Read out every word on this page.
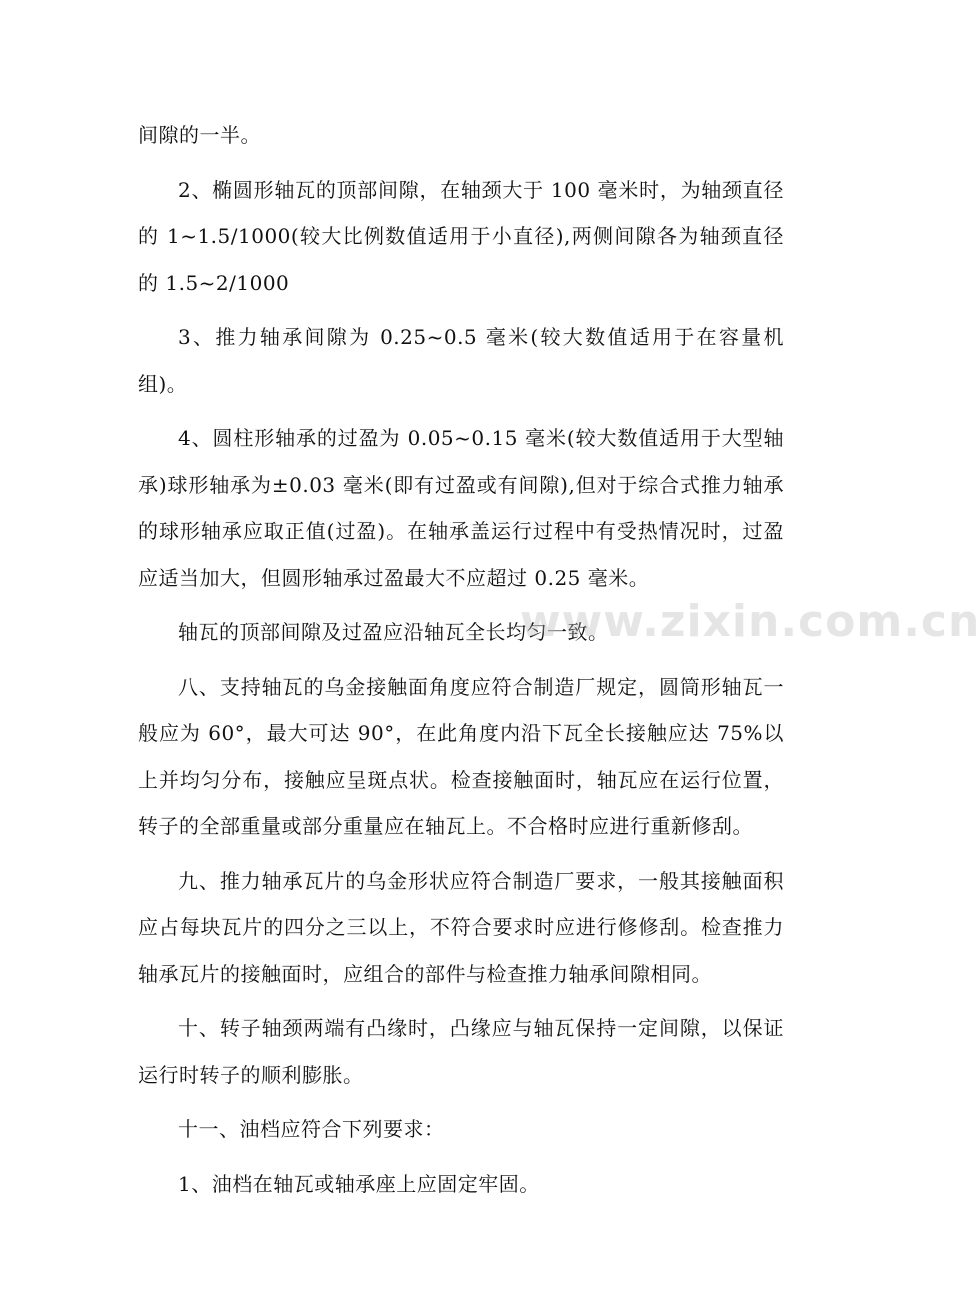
间隙的一半。

2、椭圆形轴瓦的顶部间隙，在轴颈大于 100 毫米时，为轴颈直径的 1~1.5/1000(较大比例数值适用于小直径),两侧间隙各为轴颈直径的 1.5~2/1000

3、推力轴承间隙为 0.25~0.5 毫米(较大数值适用于在容量机组)。

4、圆柱形轴承的过盈为 0.05~0.15 毫米(较大数值适用于大型轴承)球形轴承为±0.03 毫米(即有过盈或有间隙),但对于综合式推力轴承的球形轴承应取正值(过盈)。在轴承盖运行过程中有受热情况时，过盈应适当加大，但圆形轴承过盈最大不应超过 0.25 毫米。

轴瓦的顶部间隙及过盈应沿轴瓦全长均匀一致。

八、支持轴瓦的乌金接触面角度应符合制造厂规定，圆筒形轴瓦一般应为 60°，最大可达 90°，在此角度内沿下瓦全长接触应达 75%以上并均匀分布，接触应呈斑点状。检查接触面时，轴瓦应在运行位置，转子的全部重量或部分重量应在轴瓦上。不合格时应进行重新修刮。

九、推力轴承瓦片的乌金形状应符合制造厂要求，一般其接触面积应占每块瓦片的四分之三以上，不符合要求时应进行修修刮。检查推力轴承瓦片的接触面时，应组合的部件与检查推力轴承间隙相同。

十、转子轴颈两端有凸缘时，凸缘应与轴瓦保持一定间隙，以保证运行时转子的顺利膨胀。

十一、油档应符合下列要求：

1、油档在轴瓦或轴承座上应固定牢固。

www.zixin.com.cn
